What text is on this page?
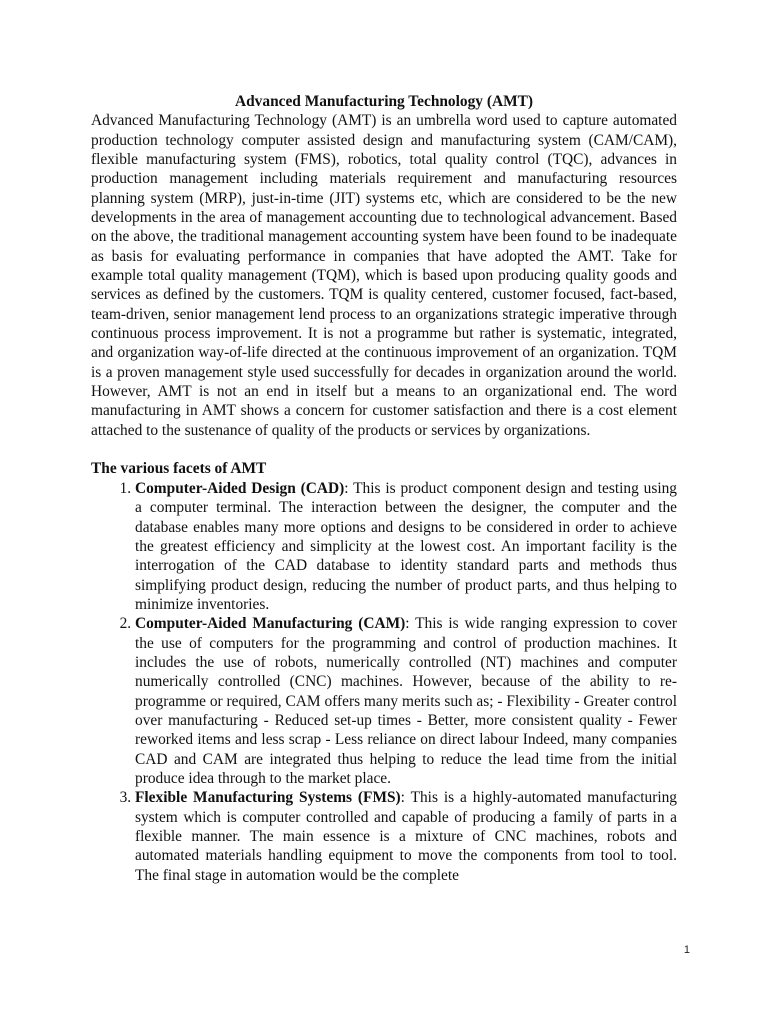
Advanced Manufacturing Technology (AMT)

Advanced Manufacturing Technology (AMT) is an umbrella word used to capture automated production technology computer assisted design and manufacturing system (CAM/CAM), flexible manufacturing system (FMS), robotics, total quality control (TQC), advances in production management including materials requirement and manufacturing resources planning system (MRP), just-in-time (JIT) systems etc, which are considered to be the new developments in the area of management accounting due to technological advancement. Based on the above, the traditional management accounting system have been found to be inadequate as basis for evaluating performance in companies that have adopted the AMT. Take for example total quality management (TQM), which is based upon producing quality goods and services as defined by the customers. TQM is quality centered, customer focused, fact-based, team-driven, senior management lend process to an organizations strategic imperative through continuous process improvement. It is not a programme but rather is systematic, integrated, and organization way-of-life directed at the continuous improvement of an organization. TQM is a proven management style used successfully for decades in organization around the world. However, AMT is not an end in itself but a means to an organizational end. The word manufacturing in AMT shows a concern for customer satisfaction and there is a cost element attached to the sustenance of quality of the products or services by organizations.

The various facets of AMT

1. Computer-Aided Design (CAD): This is product component design and testing using a computer terminal. The interaction between the designer, the computer and the database enables many more options and designs to be considered in order to achieve the greatest efficiency and simplicity at the lowest cost. An important facility is the interrogation of the CAD database to identity standard parts and methods thus simplifying product design, reducing the number of product parts, and thus helping to minimize inventories.
2. Computer-Aided Manufacturing (CAM): This is wide ranging expression to cover the use of computers for the programming and control of production machines. It includes the use of robots, numerically controlled (NT) machines and computer numerically controlled (CNC) machines. However, because of the ability to re-programme or required, CAM offers many merits such as; - Flexibility - Greater control over manufacturing - Reduced set-up times - Better, more consistent quality - Fewer reworked items and less scrap - Less reliance on direct labour Indeed, many companies CAD and CAM are integrated thus helping to reduce the lead time from the initial produce idea through to the market place.
3. Flexible Manufacturing Systems (FMS): This is a highly-automated manufacturing system which is computer controlled and capable of producing a family of parts in a flexible manner. The main essence is a mixture of CNC machines, robots and automated materials handling equipment to move the components from tool to tool. The final stage in automation would be the complete
1
